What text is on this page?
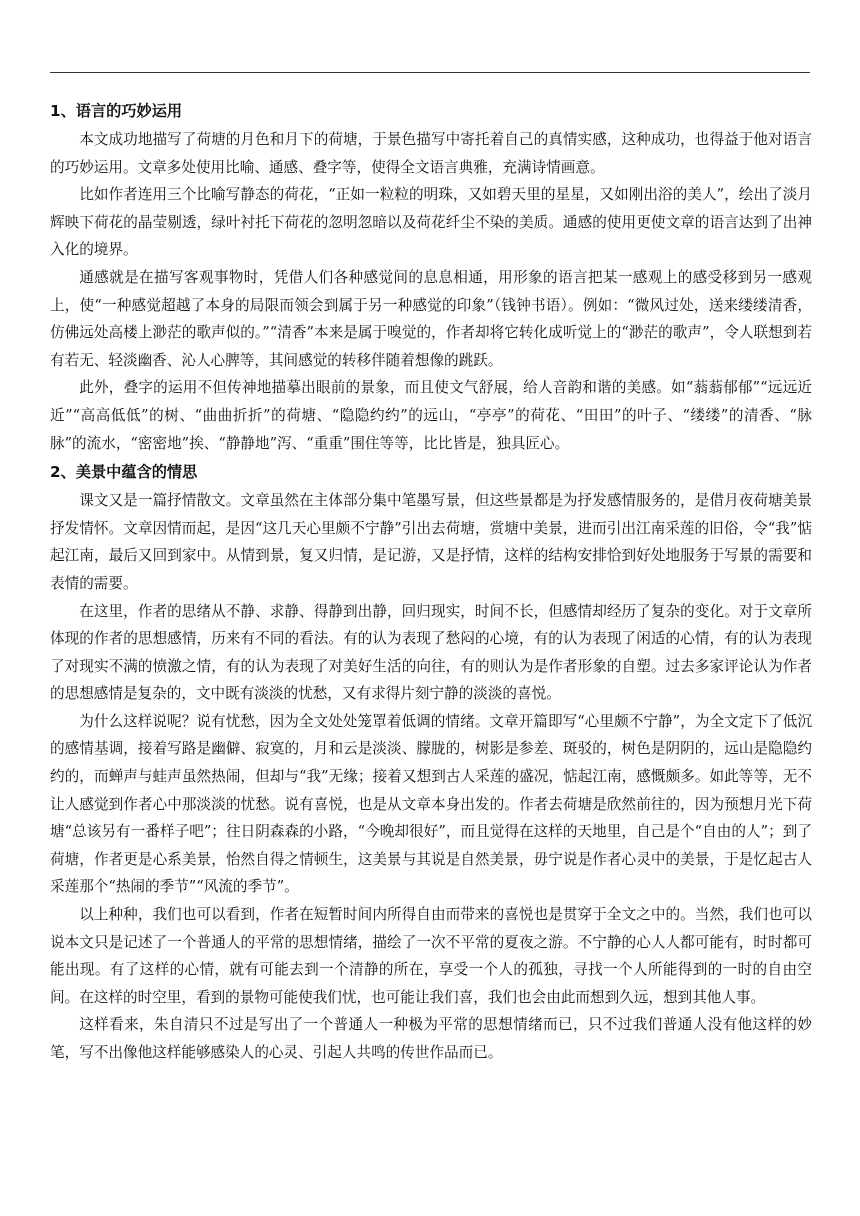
1、语言的巧妙运用

本文成功地描写了荷塘的月色和月下的荷塘，于景色描写中寄托着自己的真情实感，这种成功，也得益于他对语言的巧妙运用。文章多处使用比喻、通感、叠字等，使得全文语言典雅，充满诗情画意。

比如作者连用三个比喻写静态的荷花，“正如一粒粒的明珠，又如碧天里的星星，又如刚出浴的美人”，绘出了淡月辉映下荷花的晶莹剔透，绿叶衬托下荷花的忽明忽暗以及荷花纤尘不染的美质。通感的使用更使文章的语言达到了出神入化的境界。

通感就是在描写客观事物时，凭借人们各种感觉间的息息相通，用形象的语言把某一感观上的感受移到另一感观上，使“一种感觉超越了本身的局限而领会到属于另一种感觉的印象”（钱钟书语）。例如：“微风过处，送来缕缕清香，仿佛远处高楼上渺茫的歌声似的。”“清香”本来是属于嗅觉的，作者却将它转化成听觉上的“渺茫的歌声”，令人联想到若有若无、轻淡幽香、沁人心脾等，其间感觉的转移伴随着想像的跳跃。

此外，叠字的运用不但传神地描摹出眼前的景象，而且使文气舒展，给人音韵和谐的美感。如“蓊蓊郁郁”“远远近近”“高高低低”的树、“曲曲折折”的荷塘、“隐隐约约”的远山，“亭亭”的荷花、“田田”的叶子、“缕缕”的清香、“脉脉”的流水，“密密地”挨、“静静地”泻、“重重”围住等等，比比皆是，独具匠心。

2、美景中蕴含的情思

课文又是一篇抒情散文。文章虽然在主体部分集中笔墨写景，但这些景都是为抒发感情服务的，是借月夜荷塘美景抒发情怀。文章因情而起，是因“这几天心里颇不宁静”引出去荷塘，赏塘中美景，进而引出江南采莲的旧俗，令“我”惦起江南，最后又回到家中。从情到景，复又归情，是记游，又是抒情，这样的结构安排恰到好处地服务于写景的需要和表情的需要。

在这里，作者的思绪从不静、求静、得静到出静，回归现实，时间不长，但感情却经历了复杂的变化。对于文章所体现的作者的思想感情，历来有不同的看法。有的认为表现了愁闷的心境，有的认为表现了闲适的心情，有的认为表现了对现实不满的愤激之情，有的认为表现了对美好生活的向往，有的则认为是作者形象的自塑。过去多家评论认为作者的思想感情是复杂的，文中既有淡淡的忧愁，又有求得片刻宁静的淡淡的喜悦。

为什么这样说呢？说有忧愁，因为全文处处笼罩着低调的情绪。文章开篇即写“心里颇不宁静”，为全文定下了低沉的感情基调，接着写路是幽僻、寂寞的，月和云是淡淡、朦胧的，树影是参差、斑驳的，树色是阴阴的，远山是隐隐约约的，而蝉声与蛙声虽然热闹，但却与“我”无缘；接着又想到古人采莲的盛况，惦起江南，感慨颇多。如此等等，无不让人感觉到作者心中那淡淡的忧愁。说有喜悦，也是从文章本身出发的。作者去荷塘是欣然前往的，因为预想月光下荷塘“总该另有一番样子吧”；往日阴森森的小路，“今晚却很好”，而且觉得在这样的天地里，自己是个“自由的人”；到了荷塘，作者更是心系美景，怡然自得之情顿生，这美景与其说是自然美景，毋宁说是作者心灵中的美景，于是忆起古人采莲那个“热闹的季节”“风流的季节”。

以上种种，我们也可以看到，作者在短暂时间内所得自由而带来的喜悦也是贯穿于全文之中的。当然，我们也可以说本文只是记述了一个普通人的平常的思想情绪，描绘了一次不平常的夏夜之游。不宁静的心人人都可能有，时时都可能出现。有了这样的心情，就有可能去到一个清静的所在，享受一个人的孤独，寻找一个人所能得到的一时的自由空间。在这样的时空里，看到的景物可能使我们忧，也可能让我们喜，我们也会由此而想到久远，想到其他人事。

这样看来，朱自清只不过是写出了一个普通人一种极为平常的思想情绪而已，只不过我们普通人没有他这样的妙笔，写不出像他这样能够感染人的心灵、引起人共鸣的传世作品而已。
